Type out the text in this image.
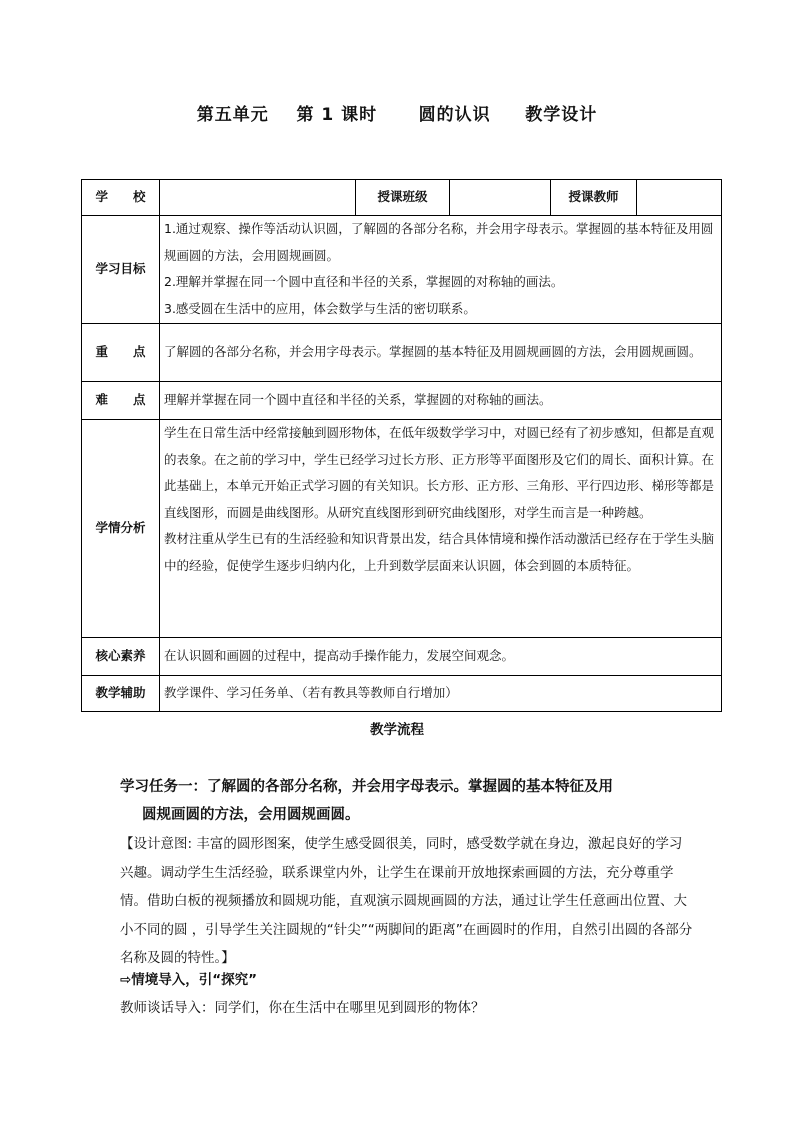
第五单元    第 1 课时      圆的认识     教学设计
学　　校		授课班级		授课教师	
学习目标	1.通过观察、操作等活动认识圆，了解圆的各部分名称，并会用字母表示。掌握圆的基本特征及用圆规画圆的方法，会用圆规画圆。

2.理解并掌握在同一个圆中直径和半径的关系，掌握圆的对称轴的画法。

3.感受圆在生活中的应用，体会数学与生活的密切联系。				

重　　点	了解圆的各部分名称，并会用字母表示。掌握圆的基本特征及用圆规画圆的方法，会用圆规画圆。				
难　　点	理解并掌握在同一个圆中直径和半径的关系，掌握圆的对称轴的画法。				
学情分析	学生在日常生活中经常接触到圆形物体，在低年级数学学习中，对圆已经有了初步感知，但都是直观的表象。在之前的学习中，学生已经学习过长方形、正方形等平面图形及它们的周长、面积计算。在此基础上，本单元开始正式学习圆的有关知识。长方形、正方形、三角形、平行四边形、梯形等都是直线图形，而圆是曲线图形。从研究直线图形到研究曲线图形，对学生而言是一种跨越。

教材注重从学生已有的生活经验和知识背景出发，结合具体情境和操作活动激活已经存在于学生头脑中的经验，促使学生逐步归纳内化，上升到数学层面来认识圆，体会到圆的本质特征。				

核心素养	在认识圆和画圆的过程中，提高动手操作能力，发展空间观念。				
教学辅助	教学课件、学习任务单、（若有教具等教师自行增加）				
教学流程
学习任务一：了解圆的各部分名称，并会用字母表示。掌握圆的基本特征及用
圆规画圆的方法，会用圆规画圆。
【设计意图: 丰富的圆形图案，使学生感受圆很美，同时，感受数学就在身边，激起良好的学习兴趣。调动学生生活经验，联系课堂内外，让学生在课前开放地探索画圆的方法，充分尊重学情。借助白板的视频播放和圆规功能，直观演示圆规画圆的方法，通过让学生任意画出位置、大小不同的圆 ，引导学生关注圆规的“针尖”“两脚间的距离”在画圆时的作用，自然引出圆的各部分名称及圆的特性。】
⇨情境导入，引“探究”
教师谈话导入：同学们，你在生活中在哪里见到圆形的物体？
